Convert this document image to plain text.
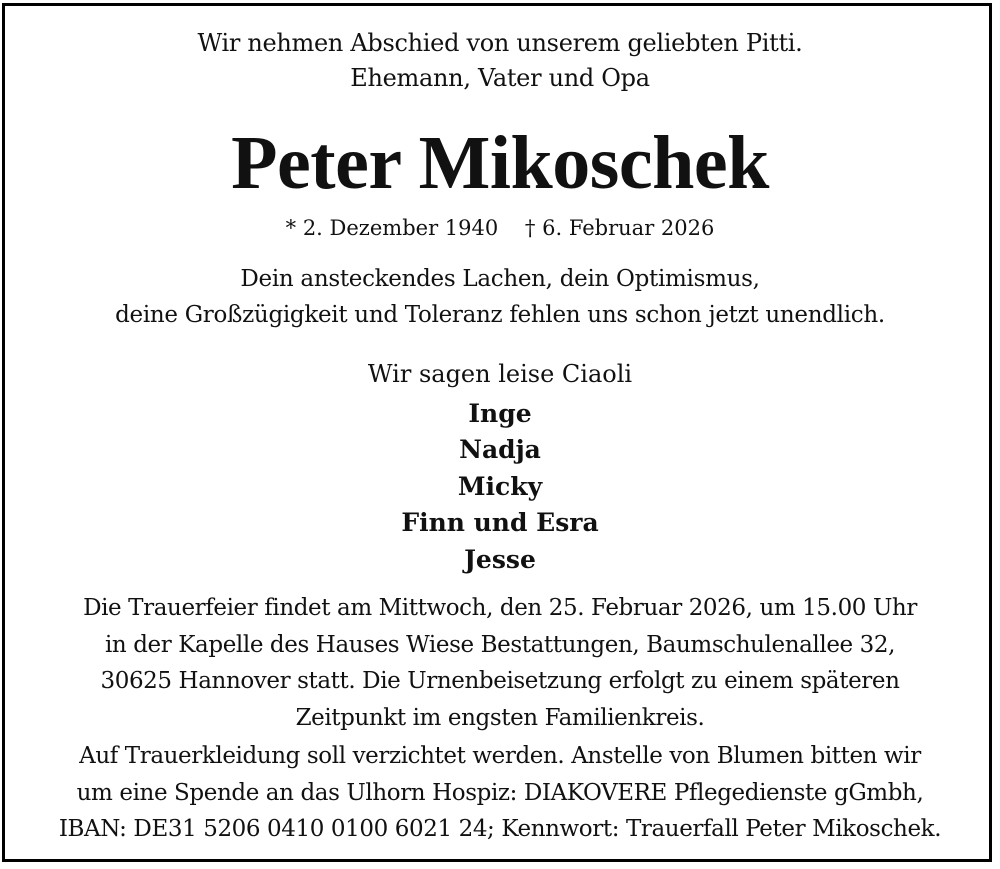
Wir nehmen Abschied von unserem geliebten Pitti.
Ehemann, Vater und Opa
Peter Mikoschek
* 2. Dezember 1940    † 6. Februar 2026
Dein ansteckendes Lachen, dein Optimismus,
deine Großzügigkeit und Toleranz fehlen uns schon jetzt unendlich.
Wir sagen leise Ciaoli
Inge
Nadja
Micky
Finn und Esra
Jesse
Die Trauerfeier findet am Mittwoch, den 25. Februar 2026, um 15.00 Uhr
in der Kapelle des Hauses Wiese Bestattungen, Baumschulenallee 32,
30625 Hannover statt. Die Urnenbeisetzung erfolgt zu einem späteren
Zeitpunkt im engsten Familienkreis.
Auf Trauerkleidung soll verzichtet werden. Anstelle von Blumen bitten wir
um eine Spende an das Ulhorn Hospiz: DIAKOVERE Pflegedienste gGmbh,
IBAN: DE31 5206 0410 0100 6021 24; Kennwort: Trauerfall Peter Mikoschek.
